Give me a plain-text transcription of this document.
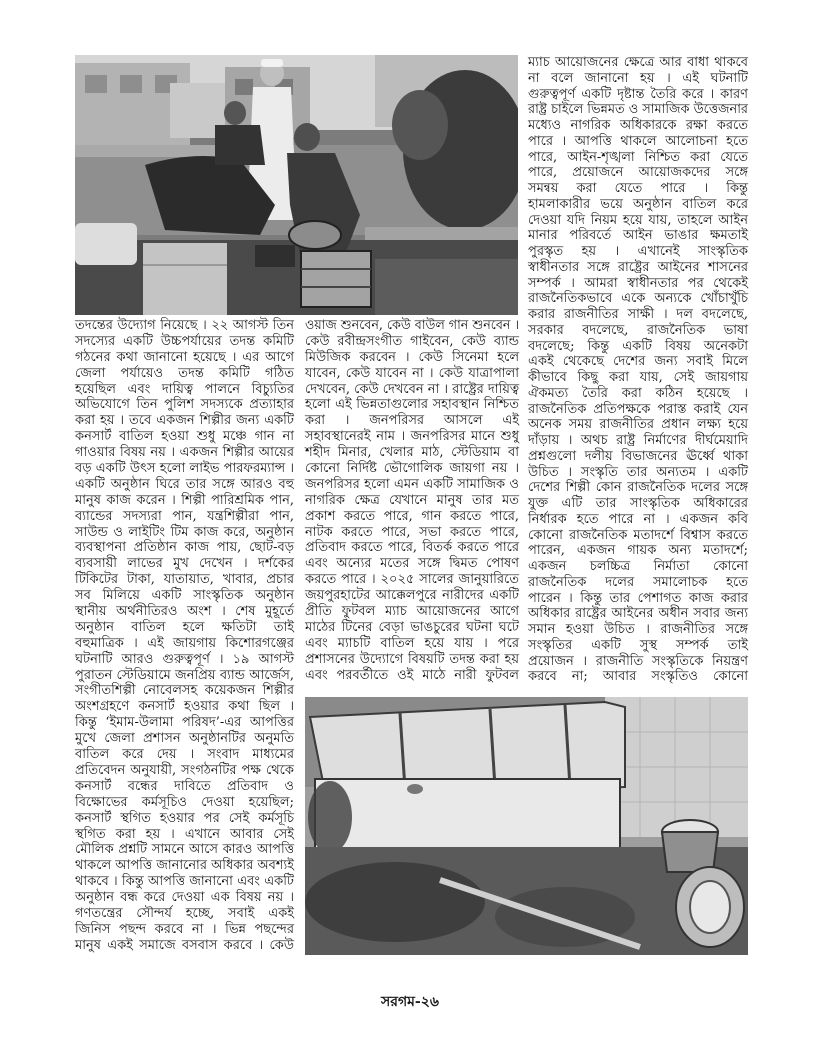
ম্যাচ আয়োজনের ক্ষেত্রে আর বাধা থাকবে
না বলে জানানো হয় । এই ঘটনাটি
গুরুত্বপূর্ণ একটি দৃষ্টান্ত তৈরি করে । কারণ
রাষ্ট্র চাইলে ভিন্নমত ও সামাজিক উত্তেজনার
মধ্যেও নাগরিক অধিকারকে রক্ষা করতে
পারে । আপত্তি থাকলে আলোচনা হতে
পারে, আইন-শৃঙ্খলা নিশ্চিত করা যেতে
পারে, প্রয়োজনে আয়োজকদের সঙ্গে
সমন্বয় করা যেতে পারে । কিন্তু
হামলাকারীর ভয়ে অনুষ্ঠান বাতিল করে
দেওয়া যদি নিয়ম হয়ে যায়, তাহলে আইন
মানার পরিবর্তে আইন ভাঙার ক্ষমতাই
পুরস্কৃত হয় । এখানেই সাংস্কৃতিক
স্বাধীনতার সঙ্গে রাষ্ট্রের আইনের শাসনের
সম্পর্ক । আমরা স্বাধীনতার পর থেকেই
রাজনৈতিকভাবে একে অন্যকে খোঁচাখুঁচি
করার রাজনীতির সাক্ষী । দল বদলেছে,
সরকার বদলেছে, রাজনৈতিক ভাষা
বদলেছে; কিন্তু একটি বিষয় অনেকটা
একই থেকেছে দেশের জন্য সবাই মিলে
কীভাবে কিছু করা যায়, সেই জায়গায়
ঐকমত্য তৈরি করা কঠিন হয়েছে ।
রাজনৈতিক প্রতিপক্ষকে পরাস্ত করাই যেন
অনেক সময় রাজনীতির প্রধান লক্ষ্য হয়ে
দাঁড়ায় । অথচ রাষ্ট্র নির্মাণের দীর্ঘমেয়াদি
প্রশ্নগুলো দলীয় বিভাজনের ঊর্ধ্বে থাকা
উচিত । সংস্কৃতি তার অন্যতম । একটি
দেশের শিল্পী কোন রাজনৈতিক দলের সঙ্গে
যুক্ত এটি তার সাংস্কৃতিক অধিকারের
নির্ধারক হতে পারে না । একজন কবি
কোনো রাজনৈতিক মতাদর্শে বিশ্বাস করতে
পারেন, একজন গায়ক অন্য মতাদর্শে;
একজন চলচ্চিত্র নির্মাতা কোনো
রাজনৈতিক দলের সমালোচক হতে
পারেন । কিন্তু তার পেশাগত কাজ করার
অধিকার রাষ্ট্রের আইনের অধীন সবার জন্য
সমান হওয়া উচিত । রাজনীতির সঙ্গে
সংস্কৃতির একটি সুস্থ সম্পর্ক তাই
প্রয়োজন । রাজনীতি সংস্কৃতিকে নিয়ন্ত্রণ
করবে না; আবার সংস্কৃতিও কোনো
তদন্তের উদ্যোগ নিয়েছে । ২২ আগস্ট তিন
সদস্যের একটি উচ্চপর্যায়ের তদন্ত কমিটি
গঠনের কথা জানানো হয়েছে । এর আগে
জেলা পর্যায়েও তদন্ত কমিটি গঠিত
হয়েছিল এবং দায়িত্ব পালনে বিচ্যুতির
অভিযোগে তিন পুলিশ সদস্যকে প্রত্যাহার
করা হয় । তবে একজন শিল্পীর জন্য একটি
কনসার্ট বাতিল হওয়া শুধু মঞ্চে গান না
গাওয়ার বিষয় নয় । একজন শিল্পীর আয়ের
বড় একটি উৎস হলো লাইভ পারফরম্যান্স ।
একটি অনুষ্ঠান ঘিরে তার সঙ্গে আরও বহু
মানুষ কাজ করেন । শিল্পী পারিশ্রমিক পান,
ব্যান্ডের সদস্যরা পান, যন্ত্রশিল্পীরা পান,
সাউন্ড ও লাইটিং টিম কাজ করে, অনুষ্ঠান
ব্যবস্থাপনা প্রতিষ্ঠান কাজ পায়, ছোট-বড়
ব্যবসায়ী লাভের মুখ দেখেন । দর্শকের
টিকিটের টাকা, যাতায়াত, খাবার, প্রচার
সব মিলিয়ে একটি সাংস্কৃতিক অনুষ্ঠান
স্থানীয় অর্থনীতিরও অংশ । শেষ মুহূর্তে
অনুষ্ঠান বাতিল হলে ক্ষতিটা তাই
বহুমাত্রিক । এই জায়গায় কিশোরগঞ্জের
ঘটনাটি আরও গুরুত্বপূর্ণ । ১৯ আগস্ট
পুরাতন স্টেডিয়ামে জনপ্রিয় ব্যান্ড আর্জেস,
সংগীতশিল্পী নোবেলসহ কয়েকজন শিল্পীর
অংশগ্রহণে কনসার্ট হওয়ার কথা ছিল ।
কিন্তু ‘ইমাম-উলামা পরিষদ’-এর আপত্তির
মুখে জেলা প্রশাসন অনুষ্ঠানটির অনুমতি
বাতিল করে দেয় । সংবাদ মাধ্যমের
প্রতিবেদন অনুযায়ী, সংগঠনটির পক্ষ থেকে
কনসার্ট বন্ধের দাবিতে প্রতিবাদ ও
বিক্ষোভের কর্মসূচিও দেওয়া হয়েছিল;
কনসার্ট স্থগিত হওয়ার পর সেই কর্মসূচি
স্থগিত করা হয় । এখানে আবার সেই
মৌলিক প্রশ্নটি সামনে আসে কারও আপত্তি
থাকলে আপত্তি জানানোর অধিকার অবশ্যই
থাকবে । কিন্তু আপত্তি জানানো এবং একটি
অনুষ্ঠান বন্ধ করে দেওয়া এক বিষয় নয় ।
গণতন্ত্রের সৌন্দর্য হচ্ছে, সবাই একই
জিনিস পছন্দ করবে না । ভিন্ন পছন্দের
মানুষ একই সমাজে বসবাস করবে । কেউ
ওয়াজ শুনবেন, কেউ বাউল গান শুনবেন ।
কেউ রবীন্দ্রসংগীত গাইবেন, কেউ ব্যান্ড
মিউজিক করবেন । কেউ সিনেমা হলে
যাবেন, কেউ যাবেন না । কেউ যাত্রাপালা
দেখবেন, কেউ দেখবেন না । রাষ্ট্রের দায়িত্ব
হলো এই ভিন্নতাগুলোর সহাবস্থান নিশ্চিত
করা । জনপরিসর আসলে এই
সহাবস্থানেরই নাম । জনপরিসর মানে শুধু
শহীদ মিনার, খেলার মাঠ, স্টেডিয়াম বা
কোনো নির্দিষ্ট ভৌগোলিক জায়গা নয় ।
জনপরিসর হলো এমন একটি সামাজিক ও
নাগরিক ক্ষেত্র যেখানে মানুষ তার মত
প্রকাশ করতে পারে, গান করতে পারে,
নাটক করতে পারে, সভা করতে পারে,
প্রতিবাদ করতে পারে, বিতর্ক করতে পারে
এবং অন্যের মতের সঙ্গে দ্বিমত পোষণ
করতে পারে । ২০২৫ সালের জানুয়ারিতে
জয়পুরহাটের আক্কেলপুরে নারীদের একটি
প্রীতি ফুটবল ম্যাচ আয়োজনের আগে
মাঠের টিনের বেড়া ভাঙচুরের ঘটনা ঘটে
এবং ম্যাচটি বাতিল হয়ে যায় । পরে
প্রশাসনের উদ্যোগে বিষয়টি তদন্ত করা হয়
এবং পরবর্তীতে ওই মাঠে নারী ফুটবল
সরগম-২৬
